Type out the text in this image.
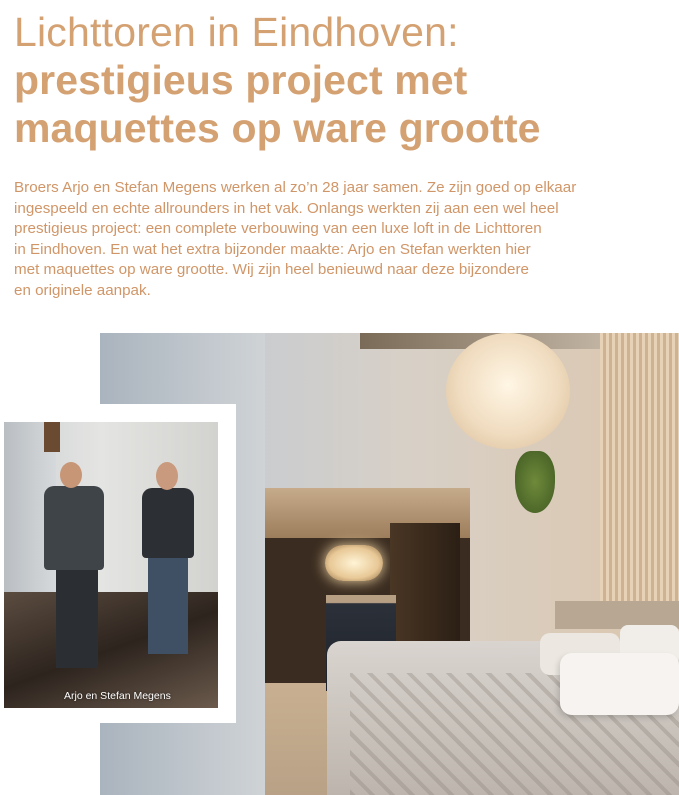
Lichttoren in Eindhoven:
prestigieus project met
maquettes op ware grootte

Broers Arjo en Stefan Megens werken al zo’n 28 jaar samen. Ze zijn goed op elkaar
ingespeeld en echte allrounders in het vak. Onlangs werkten zij aan een wel heel
prestigieus project: een complete verbouwing van een luxe loft in de Lichttoren
in Eindhoven. En wat het extra bijzonder maakte: Arjo en Stefan werkten hier
met maquettes op ware grootte. Wij zijn heel benieuwd naar deze bijzondere
en originele aanpak.

Arjo en Stefan Megens
